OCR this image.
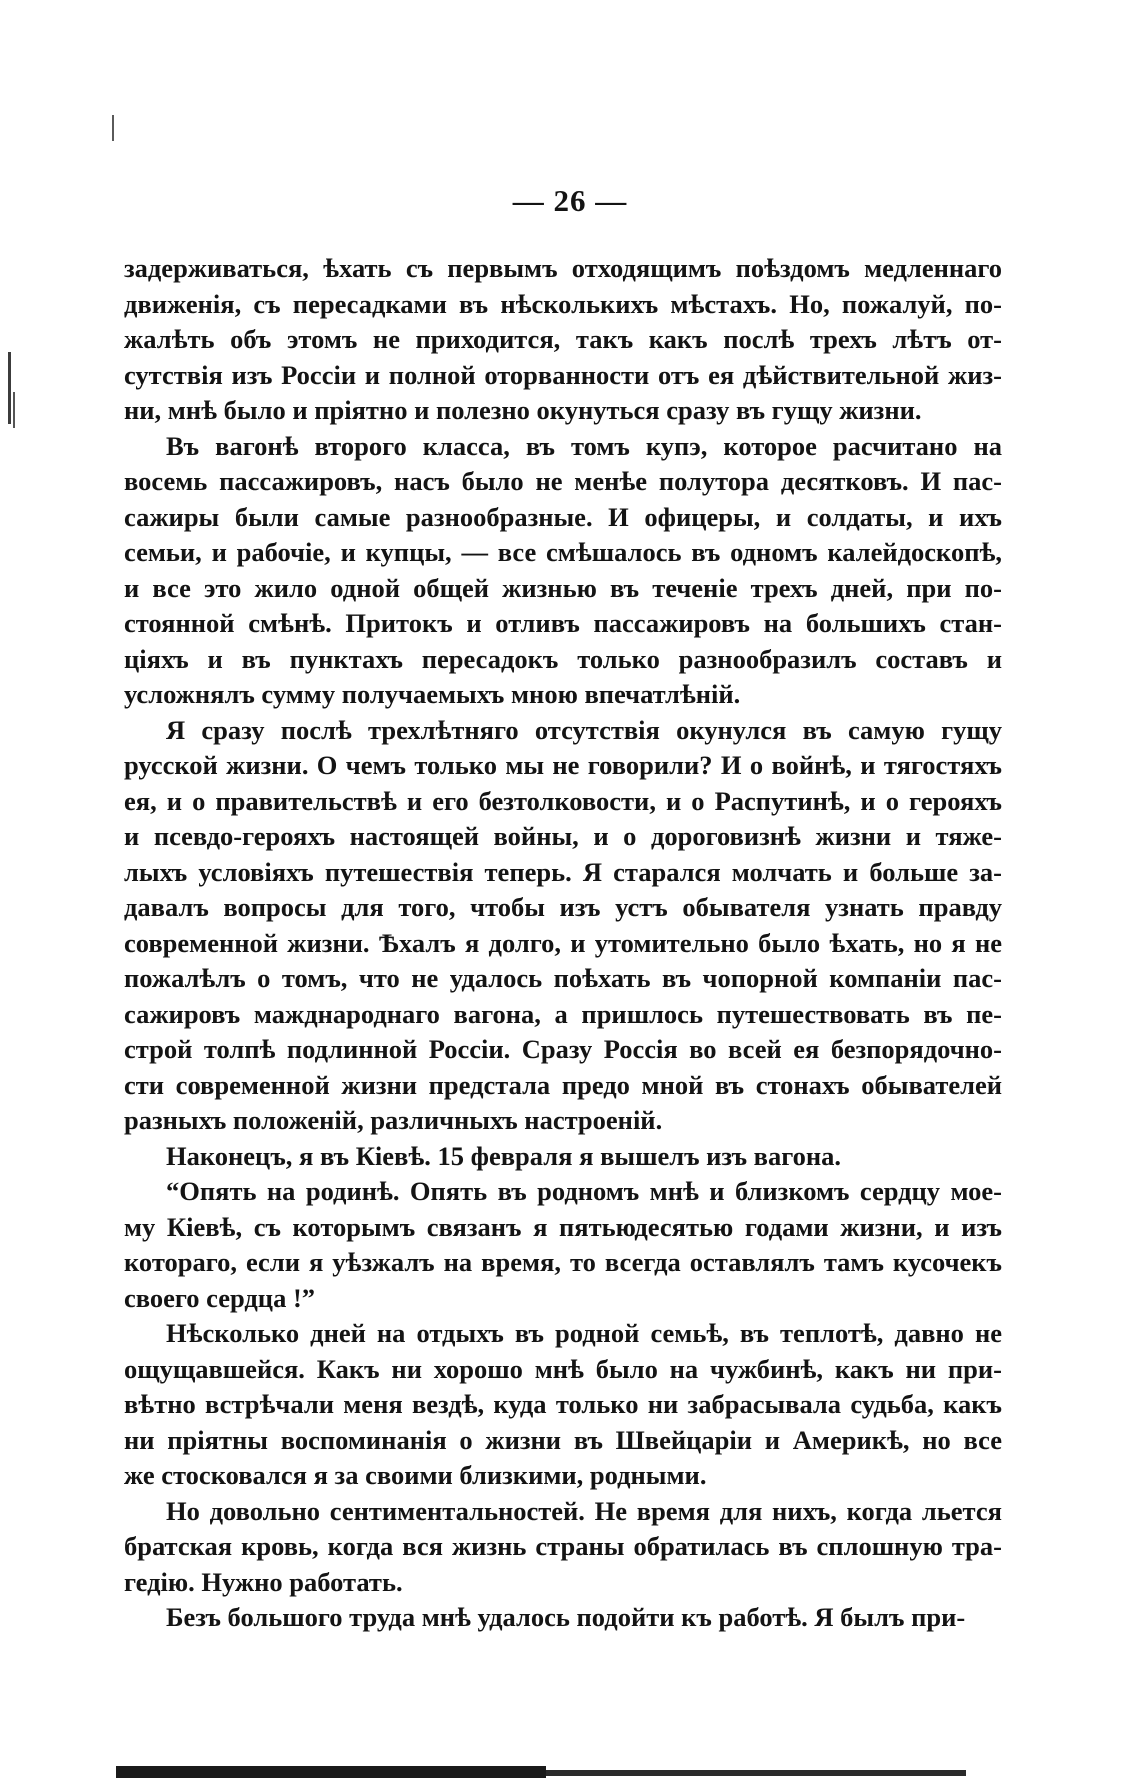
— 26 —
задерживаться, ѣхать съ первымъ отходящимъ поѣздомъ медленнаго
движенія, съ пересадками въ нѣсколькихъ мѣстахъ. Но, пожалуй, по-
жалѣть объ этомъ не приходится, такъ какъ послѣ трехъ лѣтъ от-
сутствія изъ Россіи и полной оторванности отъ ея дѣйствительной жиз-
ни, мнѣ было и пріятно и полезно окунуться сразу въ гущу жизни.
Въ вагонѣ второго класса, въ томъ купэ, которое расчитано на
восемь пассажировъ, насъ было не менѣе полутора десятковъ. И пас-
сажиры были самые разнообразные. И офицеры, и солдаты, и ихъ
семьи, и рабочіе, и купцы, — все смѣшалось въ одномъ калейдоскопѣ,
и все это жило одной общей жизнью въ теченіе трехъ дней, при по-
стоянной смѣнѣ. Притокъ и отливъ пассажировъ на большихъ стан-
ціяхъ и въ пунктахъ пересадокъ только разнообразилъ составъ и
усложнялъ сумму получаемыхъ мною впечатлѣній.
Я сразу послѣ трехлѣтняго отсутствія окунулся въ самую гущу
русской жизни. О чемъ только мы не говорили? И о войнѣ, и тягостяхъ
ея, и о правительствѣ и его безтолковости, и о Распутинѣ, и о герояхъ
и псевдо-герояхъ настоящей войны, и о дороговизнѣ жизни и тяже-
лыхъ условіяхъ путешествія теперь. Я старался молчать и больше за-
давалъ вопросы для того, чтобы изъ устъ обывателя узнать правду
современной жизни. Ѣхалъ я долго, и утомительно было ѣхать, но я не
пожалѣлъ о томъ, что не удалось поѣхать въ чопорной компаніи пас-
сажировъ мажднароднаго вагона, а пришлось путешествовать въ пе-
строй толпѣ подлинной Россіи. Сразу Россія во всей ея безпорядочно-
сти современной жизни предстала предо мной въ стонахъ обывателей
разныхъ положеній, различныхъ настроеній.
Наконецъ, я въ Кіевѣ. 15 февраля я вышелъ изъ вагона.
“Опять на родинѣ. Опять въ родномъ мнѣ и близкомъ сердцу мое-
му Кіевѣ, съ которымъ связанъ я пятьюдесятью годами жизни, и изъ
котораго, если я уѣзжалъ на время, то всегда оставлялъ тамъ кусочекъ
своего сердца !”
Нѣсколько дней на отдыхъ въ родной семьѣ, въ теплотѣ, давно не
ощущавшейся. Какъ ни хорошо мнѣ было на чужбинѣ, какъ ни при-
вѣтно встрѣчали меня вездѣ, куда только ни забрасывала судьба, какъ
ни пріятны воспоминанія о жизни въ Швейцаріи и Америкѣ, но все
же стосковался я за своими близкими, родными.
Но довольно сентиментальностей. Не время для нихъ, когда льется
братская кровь, когда вся жизнь страны обратилась въ сплошную тра-
гедію. Нужно работать.
Безъ большого труда мнѣ удалось подойти къ работѣ. Я былъ при-
